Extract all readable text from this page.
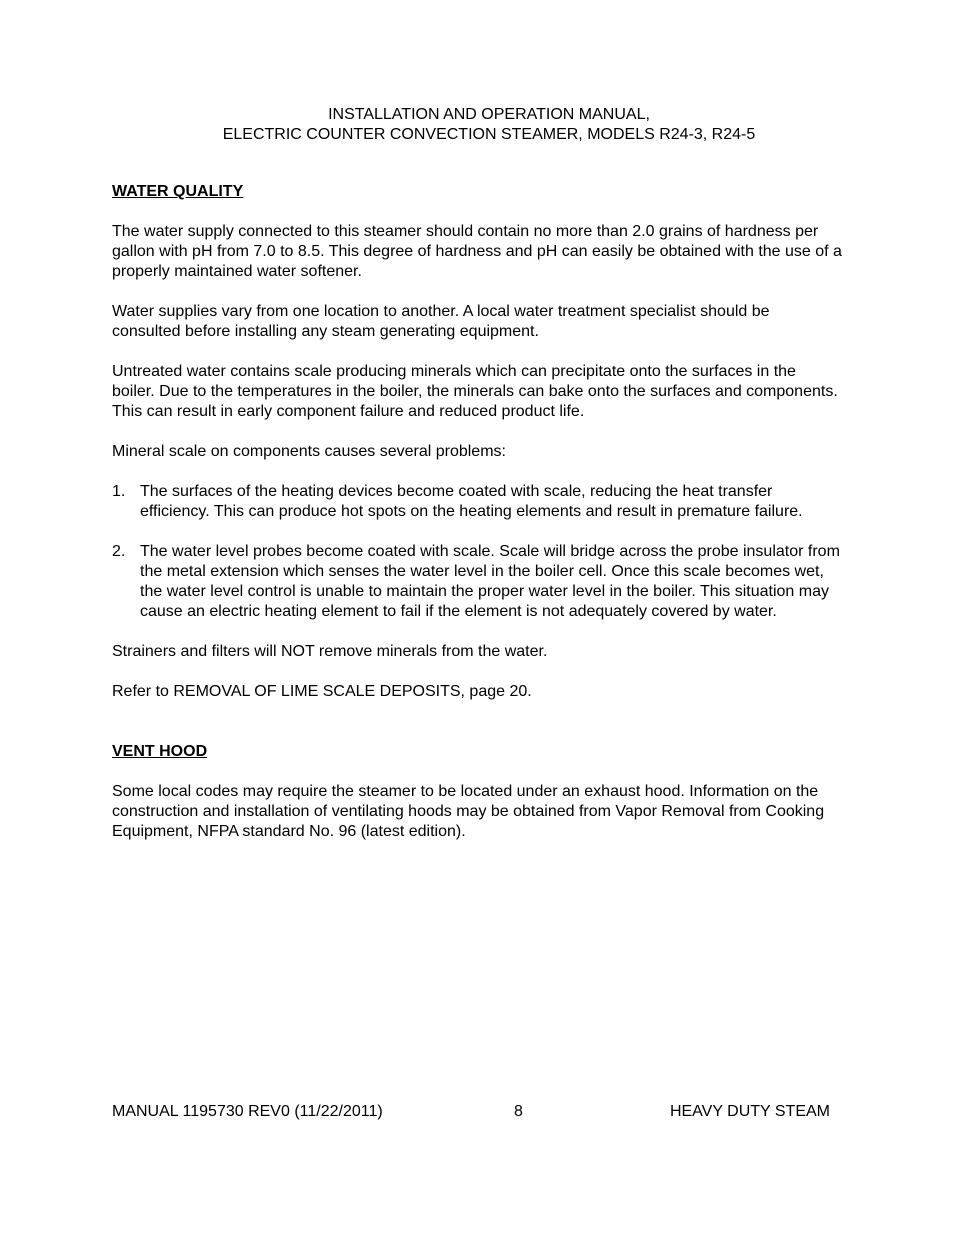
INSTALLATION AND OPERATION MANUAL,
ELECTRIC COUNTER CONVECTION STEAMER, MODELS R24-3, R24-5
WATER QUALITY

The water supply connected to this steamer should contain no more than 2.0 grains of hardness per gallon with pH from 7.0 to 8.5. This degree of hardness and pH can easily be obtained with the use of a properly maintained water softener.

Water supplies vary from one location to another. A local water treatment specialist should be consulted before installing any steam generating equipment.

Untreated water contains scale producing minerals which can precipitate onto the surfaces in the boiler. Due to the temperatures in the boiler, the minerals can bake onto the surfaces and components. This can result in early component failure and reduced product life.

Mineral scale on components causes several problems:

1. The surfaces of the heating devices become coated with scale, reducing the heat transfer efficiency. This can produce hot spots on the heating elements and result in premature failure.
2. The water level probes become coated with scale. Scale will bridge across the probe insulator from the metal extension which senses the water level in the boiler cell. Once this scale becomes wet, the water level control is unable to maintain the proper water level in the boiler. This situation may cause an electric heating element to fail if the element is not adequately covered by water.

Strainers and filters will NOT remove minerals from the water.

Refer to REMOVAL OF LIME SCALE DEPOSITS, page 20.

VENT HOOD

Some local codes may require the steamer to be located under an exhaust hood. Information on the construction and installation of ventilating hoods may be obtained from Vapor Removal from Cooking Equipment, NFPA standard No. 96 (latest edition).

MANUAL 1195730 REV0 (11/22/2011)	8	HEAVY DUTY STEAM
